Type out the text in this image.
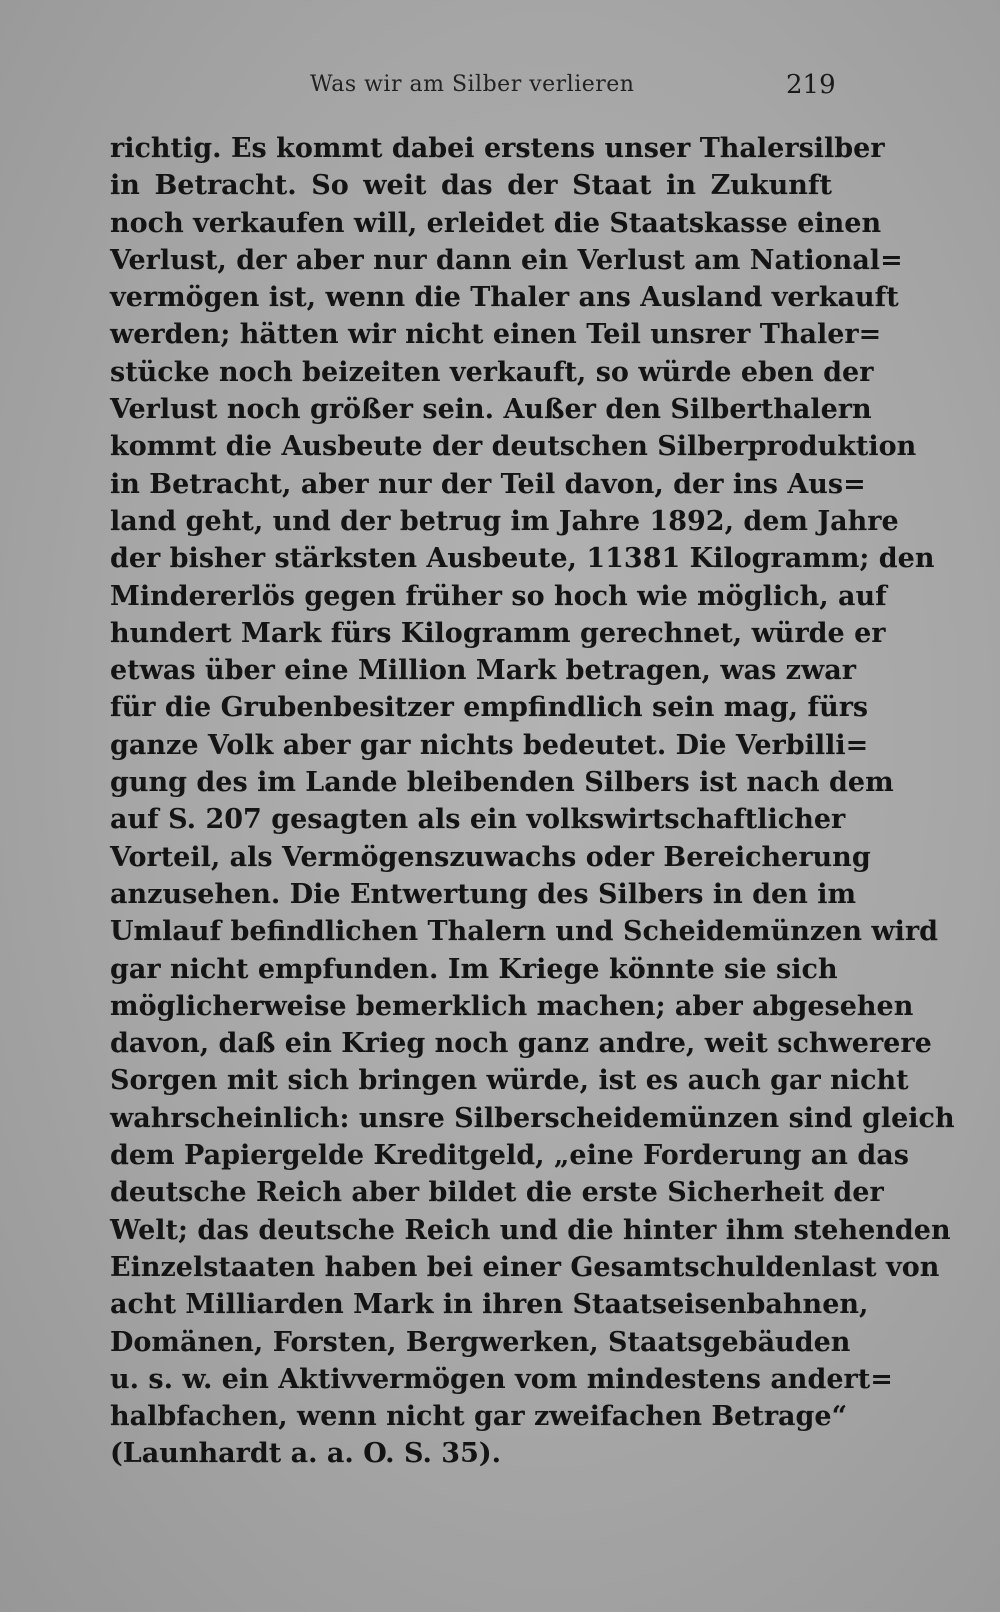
Was wir am Silber verlieren	219
richtig. Es kommt dabei erstens unser Thalersilber
in Betracht. So weit das der Staat in Zukunft
noch verkaufen will, erleidet die Staatskasse einen
Verlust, der aber nur dann ein Verlust am National=
vermögen ist, wenn die Thaler ans Ausland verkauft
werden; hätten wir nicht einen Teil unsrer Thaler=
stücke noch beizeiten verkauft, so würde eben der
Verlust noch größer sein. Außer den Silberthalern
kommt die Ausbeute der deutschen Silberproduktion
in Betracht, aber nur der Teil davon, der ins Aus=
land geht, und der betrug im Jahre 1892, dem Jahre
der bisher stärksten Ausbeute, 11381 Kilogramm; den
Mindererlös gegen früher so hoch wie möglich, auf
hundert Mark fürs Kilogramm gerechnet, würde er
etwas über eine Million Mark betragen, was zwar
für die Grubenbesitzer empfindlich sein mag, fürs
ganze Volk aber gar nichts bedeutet. Die Verbilli=
gung des im Lande bleibenden Silbers ist nach dem
auf S. 207 gesagten als ein volkswirtschaftlicher
Vorteil, als Vermögenszuwachs oder Bereicherung
anzusehen. Die Entwertung des Silbers in den im
Umlauf befindlichen Thalern und Scheidemünzen wird
gar nicht empfunden. Im Kriege könnte sie sich
möglicherweise bemerklich machen; aber abgesehen
davon, daß ein Krieg noch ganz andre, weit schwerere
Sorgen mit sich bringen würde, ist es auch gar nicht
wahrscheinlich: unsre Silberscheidemünzen sind gleich
dem Papiergelde Kreditgeld, „eine Forderung an das
deutsche Reich aber bildet die erste Sicherheit der
Welt; das deutsche Reich und die hinter ihm stehenden
Einzelstaaten haben bei einer Gesamtschuldenlast von
acht Milliarden Mark in ihren Staatseisenbahnen,
Domänen, Forsten, Bergwerken, Staatsgebäuden
u. s. w. ein Aktivvermögen vom mindestens andert=
halbfachen, wenn nicht gar zweifachen Betrage“
(Launhardt a. a. O. S. 35).
